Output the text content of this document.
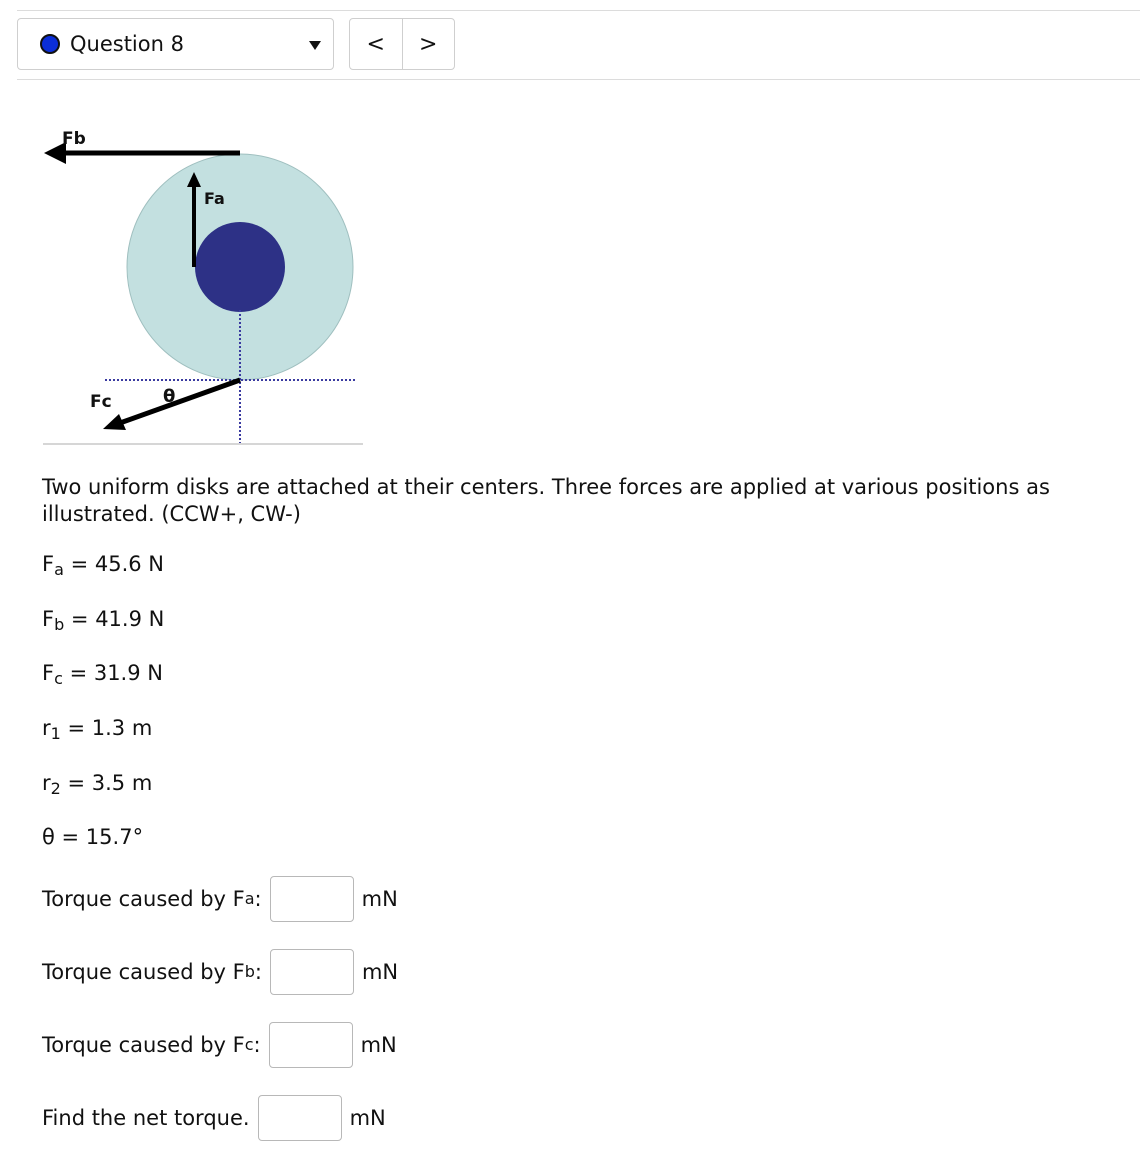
Question 8	<	>
Fb
Fa
Fc	θ

Two uniform disks are attached at their centers. Three forces are applied at various positions as illustrated. (CCW+, CW-)

$F_a = 45.6$ N
$F_b = 41.9$ N
$F_c = 31.9$ N
$r_1 = 1.3$ m
$r_2 = 3.5$ m
θ = 15.7°
Torque caused by F a :	mN
Torque caused by F b :	mN
Torque caused by F c :	mN
Find the net torque.	mN
